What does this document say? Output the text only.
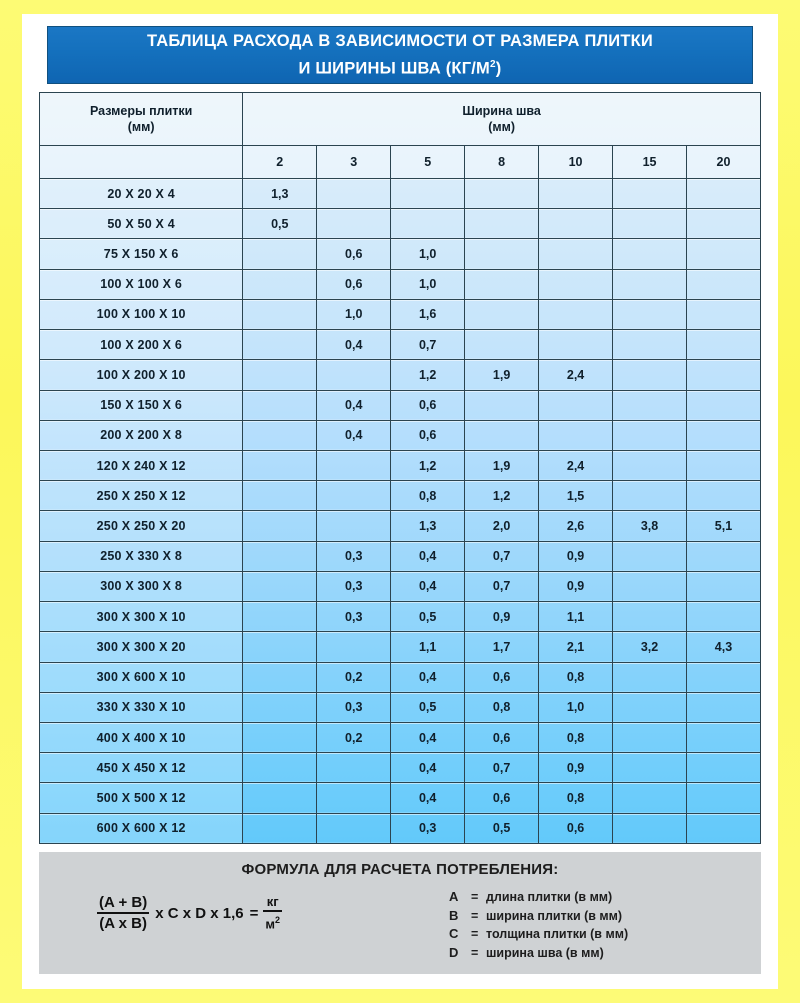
ТАБЛИЦА РАСХОДА В ЗАВИСИМОСТИ ОТ РАЗМЕРА ПЛИТКИ
И ШИРИНЫ ШВА $(КГ/М^2)$
Размеры плитки
(мм)

Ширина шва
(мм)

	2	3	5	8	10	15	20
20 X 20 X 4	1,3						
50 X 50 X 4	0,5						
75 X 150 X 6		0,6	1,0				
100 X 100 X 6		0,6	1,0				
100 X 100 X 10		1,0	1,6				
100 X 200 X 6		0,4	0,7				
100 X 200 X 10			1,2	1,9	2,4		
150 X 150 X 6		0,4	0,6				
200 X 200 X 8		0,4	0,6				
120 X 240 X 12			1,2	1,9	2,4		
250 X 250 X 12			0,8	1,2	1,5		
250 X 250 X 20			1,3	2,0	2,6	3,8	5,1
250 X 330 X 8		0,3	0,4	0,7	0,9		
300 X 300 X 8		0,3	0,4	0,7	0,9		
300 X 300 X 10		0,3	0,5	0,9	1,1		
300 X 300 X 20			1,1	1,7	2,1	3,2	4,3
300 X 600 X 10		0,2	0,4	0,6	0,8		
330 X 330 X 10		0,3	0,5	0,8	1,0		
400 X 400 X 10		0,2	0,4	0,6	0,8		
450 X 450 X 12			0,4	0,7	0,9		
500 X 500 X 12			0,4	0,6	0,8		
600 X 600 X 12			0,3	0,5	0,6		
ФОРМУЛА ДЛЯ РАСЧЕТА ПОТРЕБЛЕНИЯ:
$\frac{(A + B)}{\text{(A x B)}}$ x C x D x $1,6 = \frac{кг}{м^2}$	A	= длина плитки (в мм)
B	= ширина плитки (в мм)
C	= толщина плитки (в мм)
D	= ширина шва (в мм)
